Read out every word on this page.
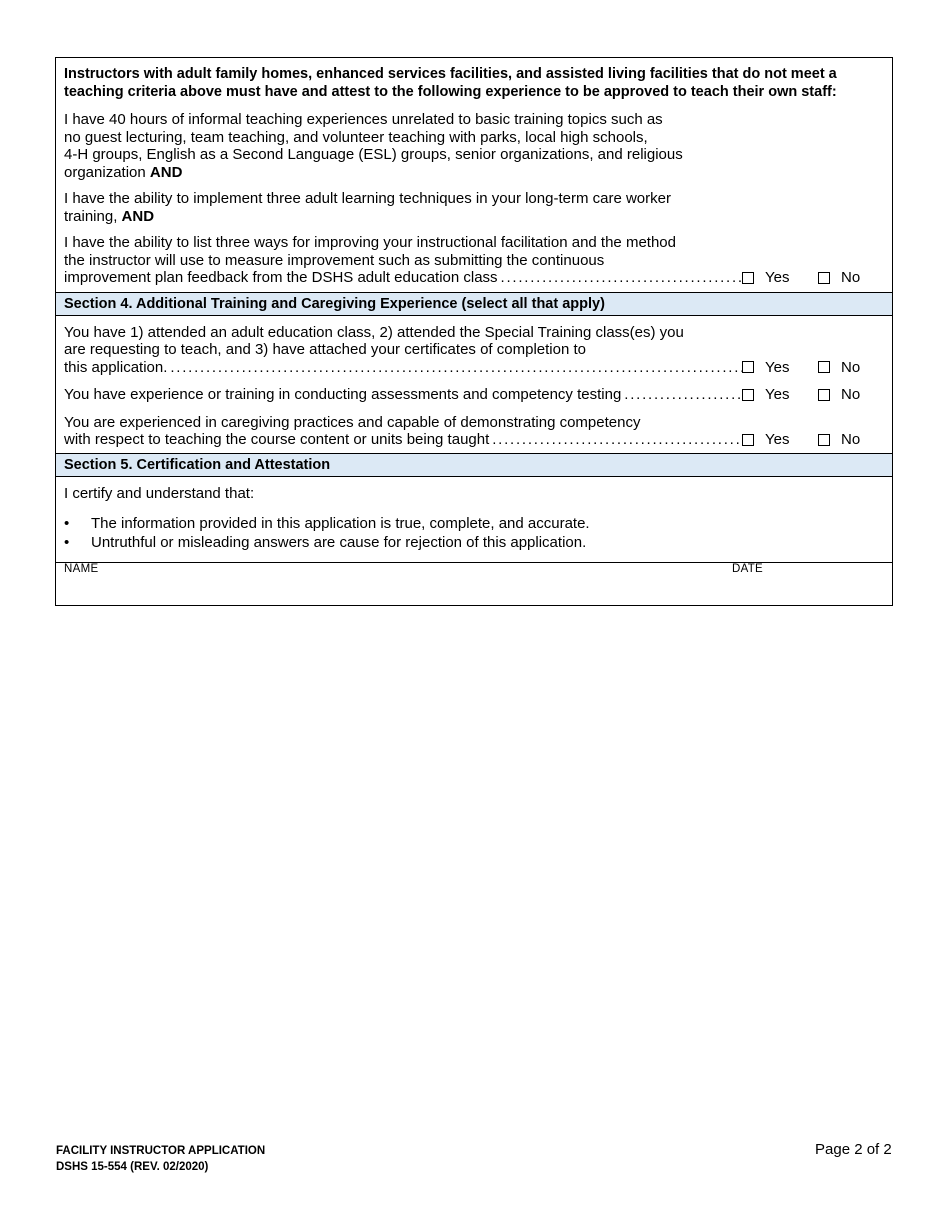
Instructors with adult family homes, enhanced services facilities, and assisted living facilities that do not meet a teaching criteria above must have and attest to the following experience to be approved to teach their own staff:
I have 40 hours of informal teaching experiences unrelated to basic training topics such as
no guest lecturing, team teaching, and volunteer teaching with parks, local high schools,
4-H groups, English as a Second Language (ESL) groups, senior organizations, and religious
organization AND
I have the ability to implement three adult learning techniques in your long-term care worker
training, AND
I have the ability to list three ways for improving your instructional facilitation and the method
the instructor will use to measure improvement such as submitting the continuous
improvement plan feedback from the DSHS adult education class . . .	Yes	No
Section 4. Additional Training and Caregiving Experience (select all that apply)
You have 1) attended an adult education class, 2) attended the Special Training class(es) you
are requesting to teach, and 3) have attached your certificates of completion to
this application. . . .	Yes	No
You have experience or training in conducting assessments and competency testing . . .	Yes	No
You are experienced in caregiving practices and capable of demonstrating competency
with respect to teaching the course content or units being taught . . .	Yes	No
Section 5. Certification and Attestation
I certify and understand that:
• The information provided in this application is true, complete, and accurate.
• Untruthful or misleading answers are cause for rejection of this application.
NAME	DATE
FACILITY INSTRUCTOR APPLICATION
DSHS 15-554 (REV. 02/2020)
Page 2 of 2
